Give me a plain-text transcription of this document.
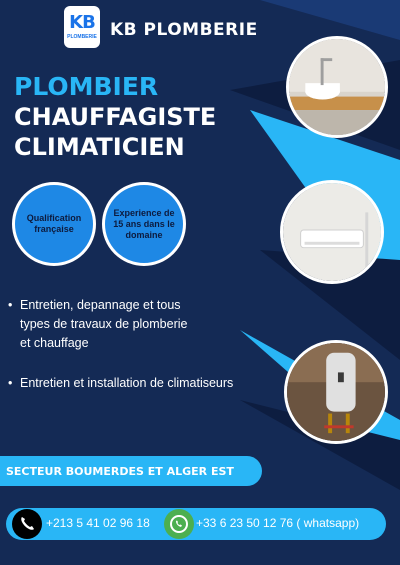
KB
PLOMBERIE KB PLOMBERIE
PLOMBIER
CHAUFFAGISTE
CLIMATICIEN
Qualification française
Experience de 15 ans dans le domaine
• Entretien, depannage et tous
types de travaux de plomberie
et chauffage
• Entretien et installation de climatiseurs
SECTEUR BOUMERDES ET ALGER EST
+213 5 41 02 96 18	+33 6 23 50 12 76 ( whatsapp)
